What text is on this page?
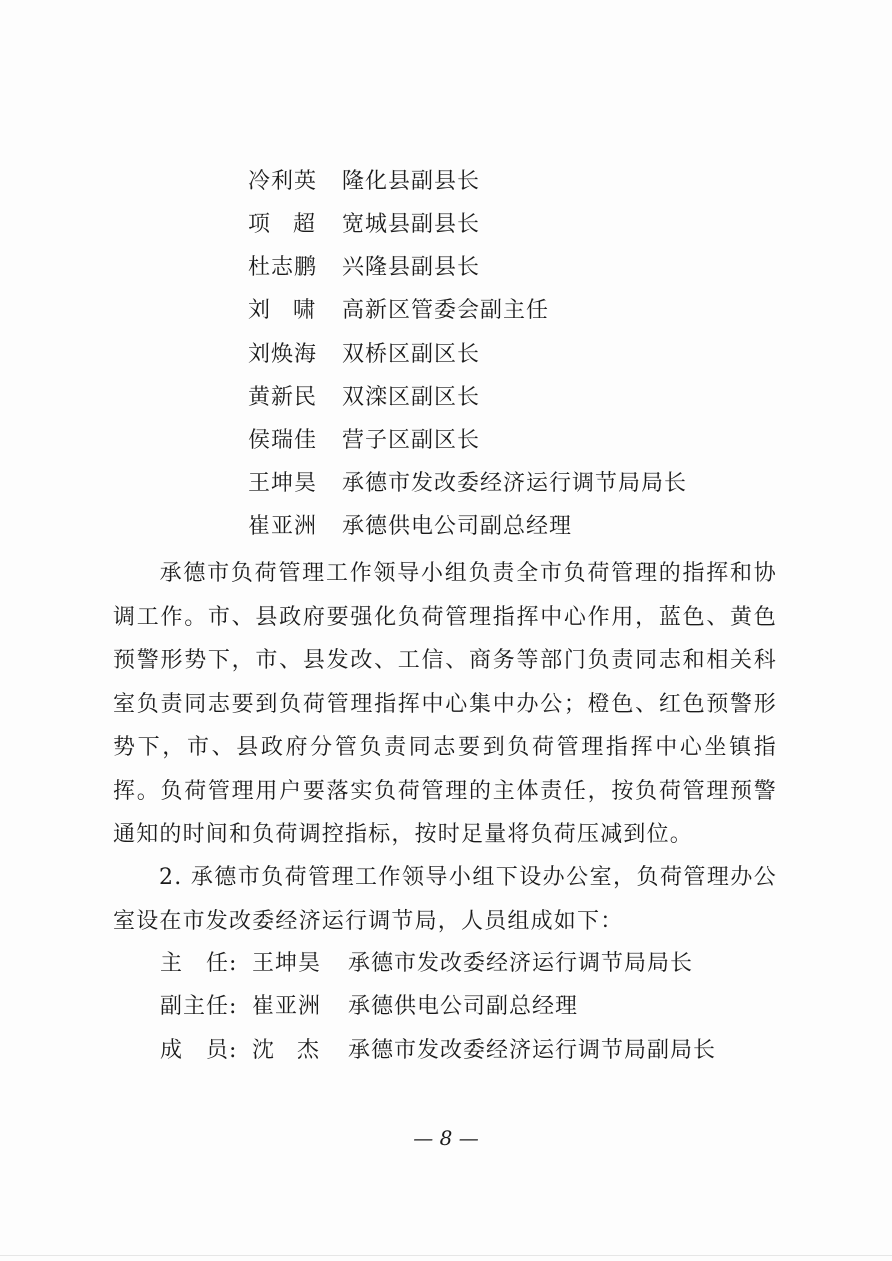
冷利英 隆化县副县长
项超 宽城县副县长
杜志鹏 兴隆县副县长
刘啸 高新区管委会副主任
刘焕海 双桥区副区长
黄新民 双滦区副区长
侯瑞佳 营子区副区长
王坤昊 承德市发改委经济运行调节局局长
崔亚洲 承德供电公司副总经理

承德市负荷管理工作领导小组负责全市负荷管理的指挥和协调工作。市、县政府要强化负荷管理指挥中心作用，蓝色、黄色预警形势下，市、县发改、工信、商务等部门负责同志和相关科室负责同志要到负荷管理指挥中心集中办公；橙色、红色预警形势下，市、县政府分管负责同志要到负荷管理指挥中心坐镇指挥。负荷管理用户要落实负荷管理的主体责任，按负荷管理预警通知的时间和负荷调控指标，按时足量将负荷压减到位。

2. 承德市负荷管理工作领导小组下设办公室，负荷管理办公室设在市发改委经济运行调节局，人员组成如下：

主　任: 王坤昊 承德市发改委经济运行调节局局长
副主任: 崔亚洲 承德供电公司副总经理
成　员: 沈杰 承德市发改委经济运行调节局副局长
— 8 —
